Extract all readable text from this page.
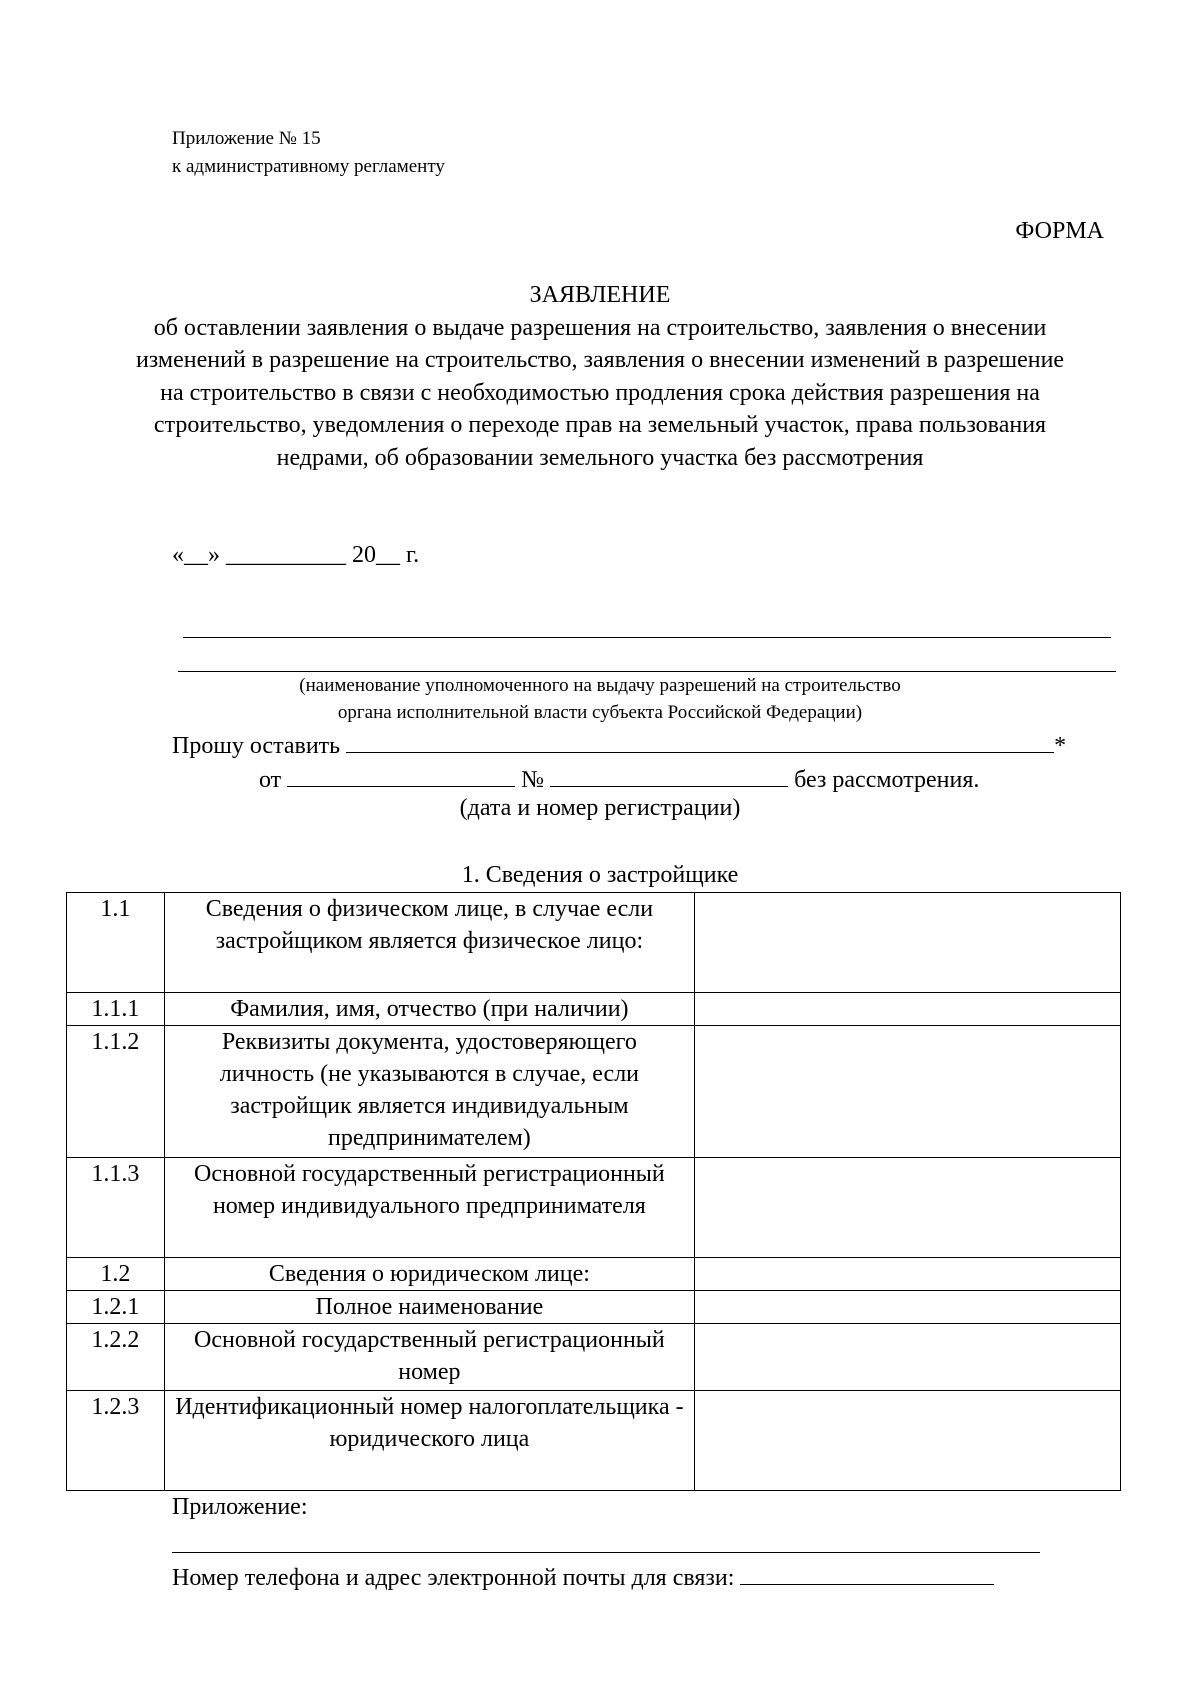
Приложение № 15
к административному регламенту
ФОРМА
ЗАЯВЛЕНИЕ
об оставлении заявления о выдаче разрешения на строительство, заявления о внесении изменений в разрешение на строительство, заявления о внесении изменений в разрешение на строительство в связи с необходимостью продления срока действия разрешения на строительство, уведомления о переходе прав на земельный участок, права пользования недрами, об образовании земельного участка без рассмотрения
«__» __________ 20__ г.
(наименование уполномоченного на выдачу разрешений на строительство
органа исполнительной власти субъекта Российской Федерации)
Прошу оставить	*
от	№	без рассмотрения.
(дата и номер регистрации)
1. Сведения о застройщике
1.1	Сведения о физическом лице, в случае если застройщиком является физическое лицо:	
1.1.1	Фамилия, имя, отчество (при наличии)	
1.1.2	Реквизиты документа, удостоверяющего личность (не указываются в случае, если застройщик является индивидуальным предпринимателем)	
1.1.3	Основной государственный регистрационный номер индивидуального предпринимателя	
1.2	Сведения о юридическом лице:	
1.2.1	Полное наименование	
1.2.2	Основной государственный регистрационный номер	
1.2.3	Идентификационный номер налогоплательщика - юридического лица	
Приложение:
Номер телефона и адрес электронной почты для связи:
